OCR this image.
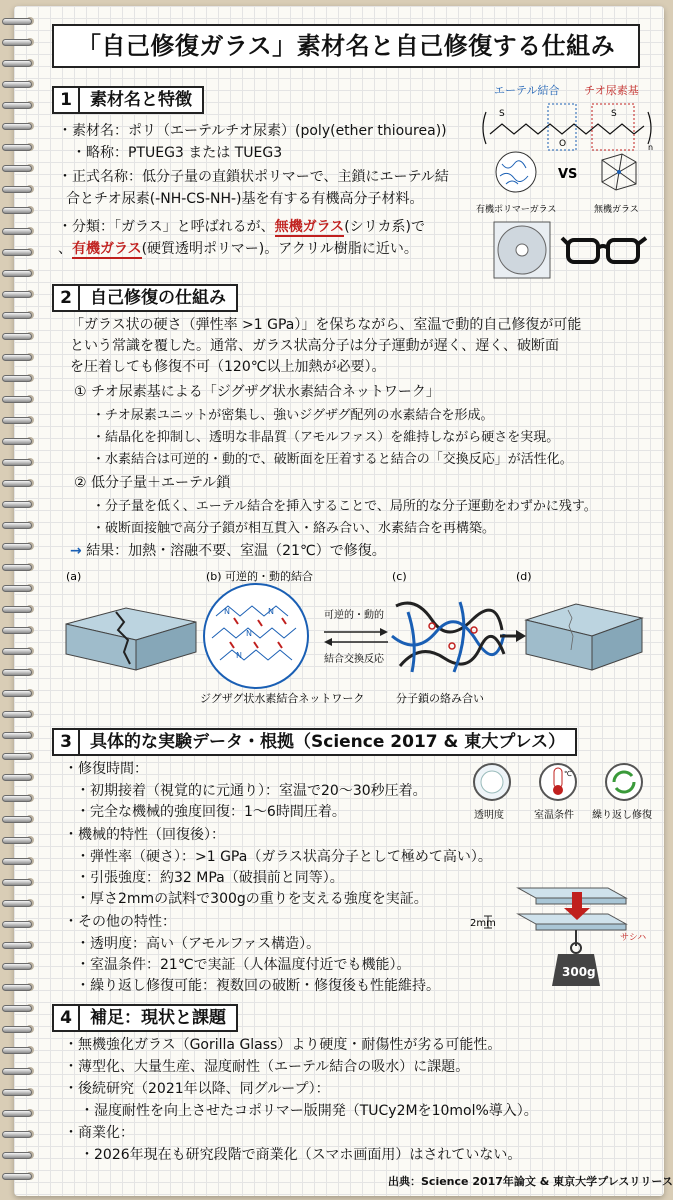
「自己修復ガラス」素材名と自己修復する仕組み
1	素材名と特徴
・素材名：ポリ（エーテルチオ尿素）(poly(ether thiourea))
・略称：PTUEG3 または TUEG3
・正式名称：低分子量の直鎖状ポリマーで、主鎖にエーテル結
合とチオ尿素(-NH-CS-NH-)基を有する有機高分子材料。
・分類：「ガラス」と呼ばれるが、無機ガラス(シリカ系)で
、有機ガラス(硬質透明ポリマー)。アクリル樹脂に近い。
エーテル結合 チオ尿素基
S	S
O	n
VS
有機ポリマーガラス	無機ガラス
2	自己修復の仕組み
「ガラス状の硬さ（弾性率 >1 GPa）」を保ちながら、室温で動的自己修復が可能
という常識を覆した。通常、ガラス状高分子は分子運動が遅く、遅く、破断面
を圧着しても修復不可（120℃以上加熱が必要）。
① チオ尿素基による「ジグザグ状水素結合ネットワーク」
・チオ尿素ユニットが密集し、強いジグザグ配列の水素結合を形成。
・結晶化を抑制し、透明な非晶質（アモルファス）を維持しながら硬さを実現。
・水素結合は可逆的・動的で、破断面を圧着すると結合の「交換反応」が活性化。
② 低分子量＋エーテル鎖
・分子量を低く、エーテル結合を挿入することで、局所的な分子運動をわずかに残す。
・破断面接触で高分子鎖が相互貫入・絡み合い、水素結合を再構築。
→ 結果：加熱・溶融不要、室温（21℃）で修復。
(a)	(b) 可逆的・動的結合	(c)	(d)
N	N
N
N
ジグザグ状水素結合ネットワーク
可逆的・動的
結合交換反応
分子鎖の絡み合い
3	具体的な実験データ・根拠（Science 2017 & 東大プレス）
・修復時間：
・初期接着（視覚的に元通り）：室温で20〜30秒圧着。
・完全な機械的強度回復：1〜6時間圧着。
・機械的特性（回復後）：
・弾性率（硬さ）：>1 GPa（ガラス状高分子として極めて高い）。
・引張強度：約32 MPa（破損前と同等）。
・厚さ2mmの試料で300gの重りを支える強度を実証。
・その他の特性：
・透明度：高い（アモルファス構造）。
・室温条件：21℃で実証（人体温度付近でも機能）。
・繰り返し修復可能：複数回の破断・修復後も性能維持。
℃
透明度	室温条件 繰り返し修復
2mm
300g
サシハ
4	補足：現状と課題
・無機強化ガラス（Gorilla Glass）より硬度・耐傷性が劣る可能性。
・薄型化、大量生産、湿度耐性（エーテル結合の吸水）に課題。
・後続研究（2021年以降、同グループ）：
・湿度耐性を向上させたコポリマー版開発（TUCy2Mを10mol%導入）。
・商業化：
・2026年現在も研究段階で商業化（スマホ画面用）はされていない。
出典：Science 2017年論文 & 東京大学プレスリリース
